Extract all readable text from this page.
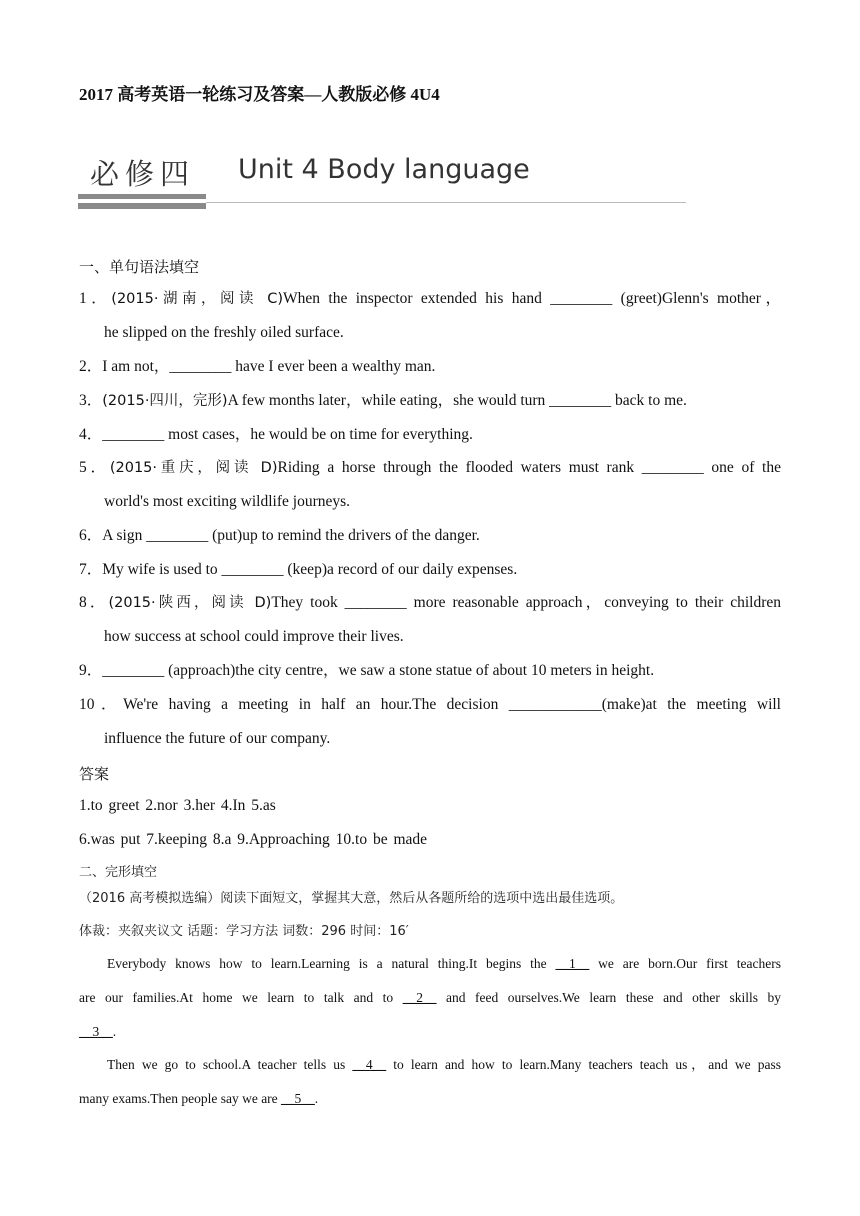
2017 高考英语一轮练习及答案—人教版必修 4U4
必修四 Unit 4 Body language
一、单句语法填空
1．(2015·湖南，阅读 C)When the inspector extended his hand ________ (greet)Glenn's mother，
he slipped on the freshly oiled surface.
2．I am not，________ have I ever been a wealthy man.
3．(2015·四川，完形)A few months later，while eating，she would turn ________ back to me.
4．________ most cases，he would be on time for everything.
5．(2015·重庆，阅读 D)Riding a horse through the flooded waters must rank ________ one of the
world's most exciting wildlife journeys.
6．A sign ________ (put)up to remind the drivers of the danger.
7．My wife is used to ________ (keep)a record of our daily expenses.
8．(2015·陕西，阅读 D)They took ________ more reasonable approach，conveying to their children
how success at school could improve their lives.
9．________ (approach)the city centre，we saw a stone statue of about 10 meters in height.
10．We're having a meeting in half an hour.The decision ____________(make)at the meeting will
influence the future of our company.
答案
1.to greet 2.nor 3.her 4.In 5.as
6.was put 7.keeping 8.a 9.Approaching 10.to be made
二、完形填空
（2016 高考模拟选编）阅读下面短文，掌握其大意，然后从各题所给的选项中选出最佳选项。
体裁：夹叙夹议文 话题：学习方法 词数：296 时间：16′
Everybody knows how to learn.Learning is a natural thing.It begins the __1__ we are born.Our first teachers
are our families.At home we learn to talk and to __2__ and feed ourselves.We learn these and other skills by
__3__.
Then we go to school.A teacher tells us __4__ to learn and how to learn.Many teachers teach us，and we pass
many exams.Then people say we are __5__.
